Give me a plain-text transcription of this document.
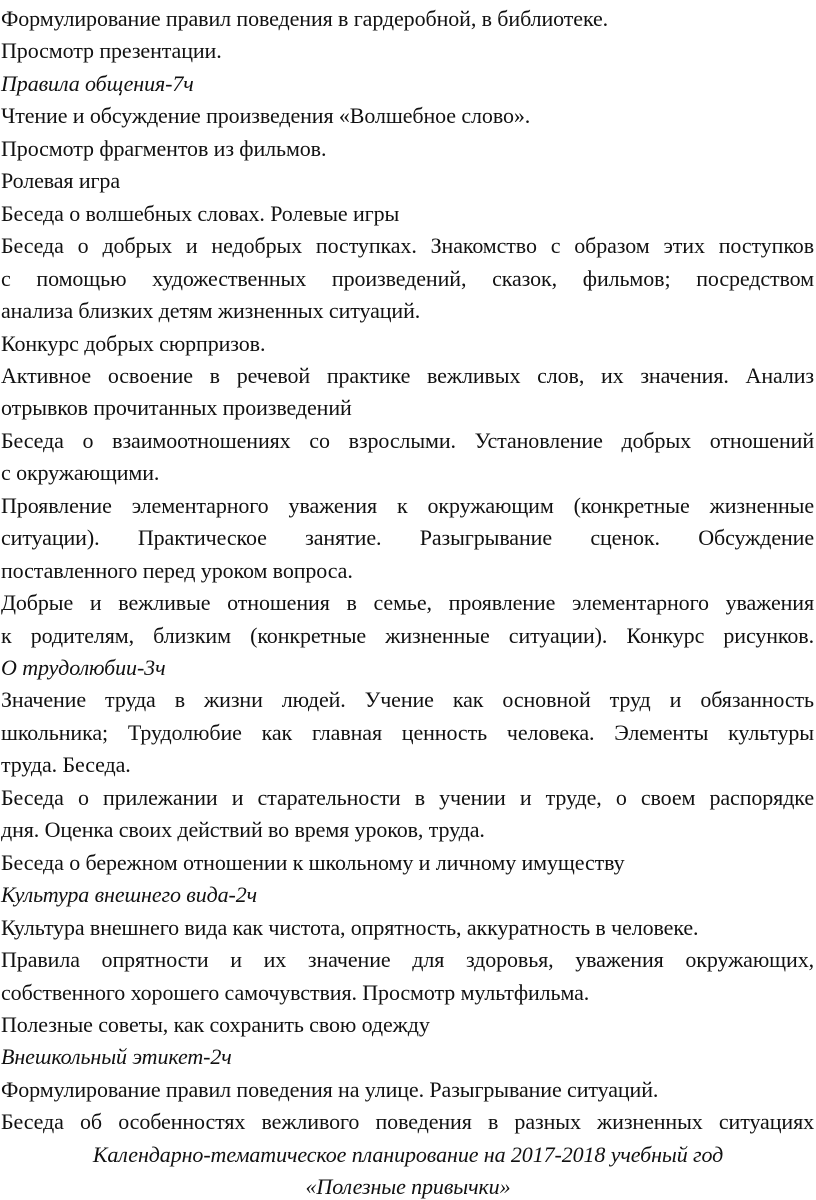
Формулирование правил поведения в гардеробной, в библиотеке.
Просмотр презентации.
Правила общения-7ч
Чтение и обсуждение произведения «Волшебное слово».
Просмотр фрагментов из фильмов.
Ролевая игра
Беседа о волшебных словах. Ролевые игры
Беседа о добрых и недобрых поступках. Знакомство с образом этих поступков
с помощью художественных произведений, сказок, фильмов; посредством
анализа близких детям жизненных ситуаций.
Конкурс добрых сюрпризов.
Активное освоение в речевой практике вежливых слов, их значения. Анализ
отрывков прочитанных произведений
Беседа о взаимоотношениях со взрослыми. Установление добрых отношений
с окружающими.
Проявление элементарного уважения к окружающим (конкретные жизненные
ситуации). Практическое занятие. Разыгрывание сценок. Обсуждение
поставленного перед уроком вопроса.
Добрые и вежливые отношения в семье, проявление элементарного уважения
к родителям, близким (конкретные жизненные ситуации). Конкурс рисунков.
О трудолюбии-3ч
Значение труда в жизни людей. Учение как основной труд и обязанность
школьника; Трудолюбие как главная ценность человека. Элементы культуры
труда. Беседа.
Беседа о прилежании и старательности в учении и труде, о своем распорядке
дня. Оценка своих действий во время уроков, труда.
Беседа о бережном отношении к школьному и личному имуществу
Культура внешнего вида-2ч
Культура внешнего вида как чистота, опрятность, аккуратность в человеке.
Правила опрятности и их значение для здоровья, уважения окружающих,
собственного хорошего самочувствия. Просмотр мультфильма.
Полезные советы, как сохранить свою одежду
Внешкольный этикет-2ч
Формулирование правил поведения на улице. Разыгрывание ситуаций.
Беседа об особенностях вежливого поведения в разных жизненных ситуациях
Календарно-тематическое планирование на 2017-2018 учебный год
«Полезные привычки»
